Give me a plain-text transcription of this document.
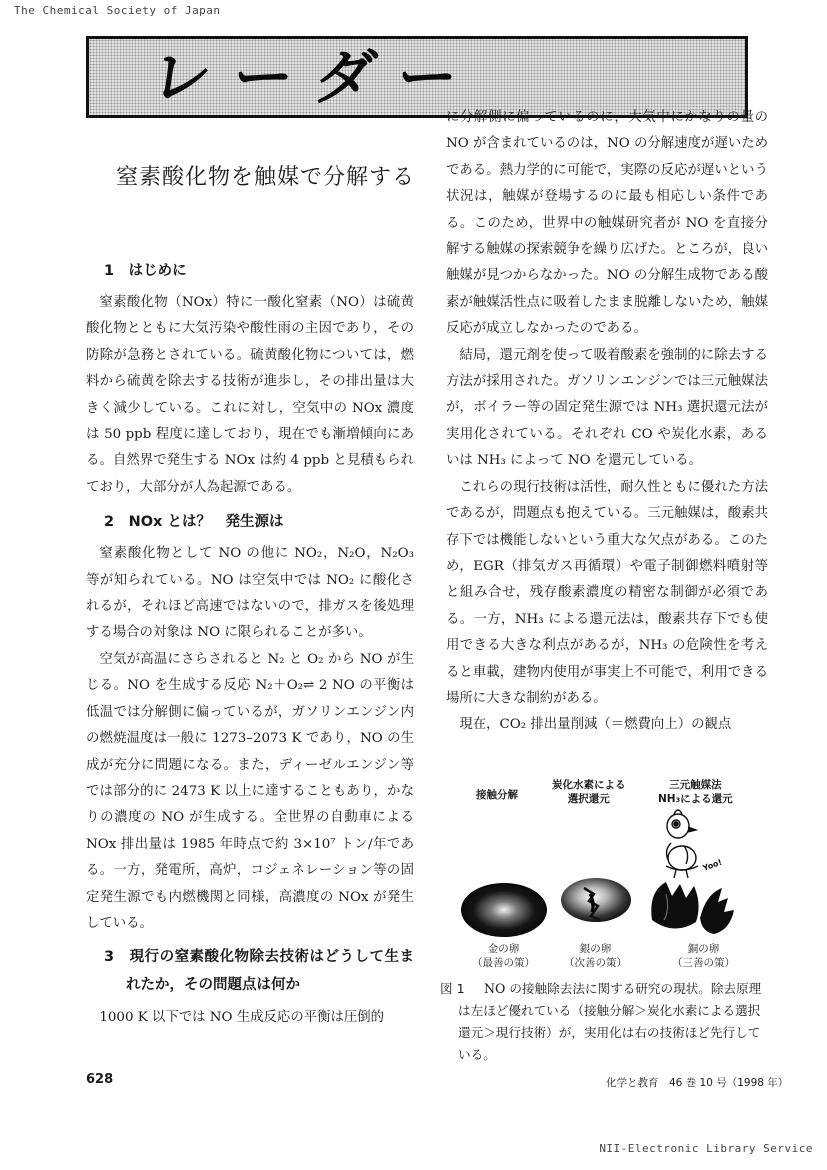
The Chemical Society of Japan
レーダー
窒素酸化物を触媒で分解する
1　はじめに

窒素酸化物（NOx）特に一酸化窒素（NO）は硫黄酸化物とともに大気汚染や酸性雨の主因であり，その防除が急務とされている。硫黄酸化物については，燃料から硫黄を除去する技術が進歩し，その排出量は大きく減少している。これに対し，空気中の NOx 濃度は 50 ppb 程度に達しており，現在でも漸増傾向にある。自然界で発生する NOx は約 4 ppb と見積もられており，大部分が人為起源である。

2　NOx とは？　発生源は

窒素酸化物として NO の他に NO₂，N₂O，N₂O₃ 等が知られている。NO は空気中では NO₂ に酸化されるが，それほど高速ではないので，排ガスを後処理する場合の対象は NO に限られることが多い。

空気が高温にさらされると N₂ と O₂ から NO が生じる。NO を生成する反応 N₂＋O₂⇌ 2 NO の平衡は低温では分解側に偏っているが，ガソリンエンジン内の燃焼温度は一般に 1273–2073 K であり，NO の生成が充分に問題になる。また，ディーゼルエンジン等では部分的に 2473 K 以上に達することもあり，かなりの濃度の NO が生成する。全世界の自動車による NOx 排出量は 1985 年時点で約 3×10⁷ トン/年である。一方，発電所，高炉，コジェネレーション等の固定発生源でも内燃機関と同様，高濃度の NOx が発生している。

3　現行の窒素酸化物除去技術はどうして生まれたか，その問題点は何か

1000 K 以下では NO 生成反応の平衡は圧倒的

に分解側に偏っているのに，大気中にかなりの量の NO が含まれているのは，NO の分解速度が遅いためである。熱力学的に可能で，実際の反応が遅いという状況は，触媒が登場するのに最も相応しい条件である。このため，世界中の触媒研究者が NO を直接分解する触媒の探索競争を繰り広げた。ところが，良い触媒が見つからなかった。NO の分解生成物である酸素が触媒活性点に吸着したまま脱離しないため，触媒反応が成立しなかったのである。

結局，還元剤を使って吸着酸素を強制的に除去する方法が採用された。ガソリンエンジンでは三元触媒法が，ボイラー等の固定発生源では NH₃ 選択還元法が実用化されている。それぞれ CO や炭化水素，あるいは NH₃ によって NO を還元している。

これらの現行技術は活性，耐久性ともに優れた方法であるが，問題点も抱えている。三元触媒は，酸素共存下では機能しないという重大な欠点がある。このため，EGR（排気ガス再循環）や電子制御燃料噴射等と組み合せ，残存酸素濃度の精密な制御が必須である。一方，NH₃ による還元法は，酸素共存下でも使用できる大きな利点があるが，NH₃ の危険性を考えると車載，建物内使用が事実上不可能で，利用できる場所に大きな制約がある。

現在，CO₂ 排出量削減（＝燃費向上）の観点

Yoo!
接触分解
炭化水素による
選択還元
三元触媒法
NH₃による還元
金の卵
（最善の策）
銀の卵
（次善の策）
銅の卵
（三善の策）
図 1	NO の接触除去法に関する研究の現状。除去原理は左ほど優れている（接触分解＞炭化水素による選択還元＞現行技術）が，実用化は右の技術ほど先行している。
628	化学と教育　46 巻 10 号（1998 年）
NII-Electronic Library Service
